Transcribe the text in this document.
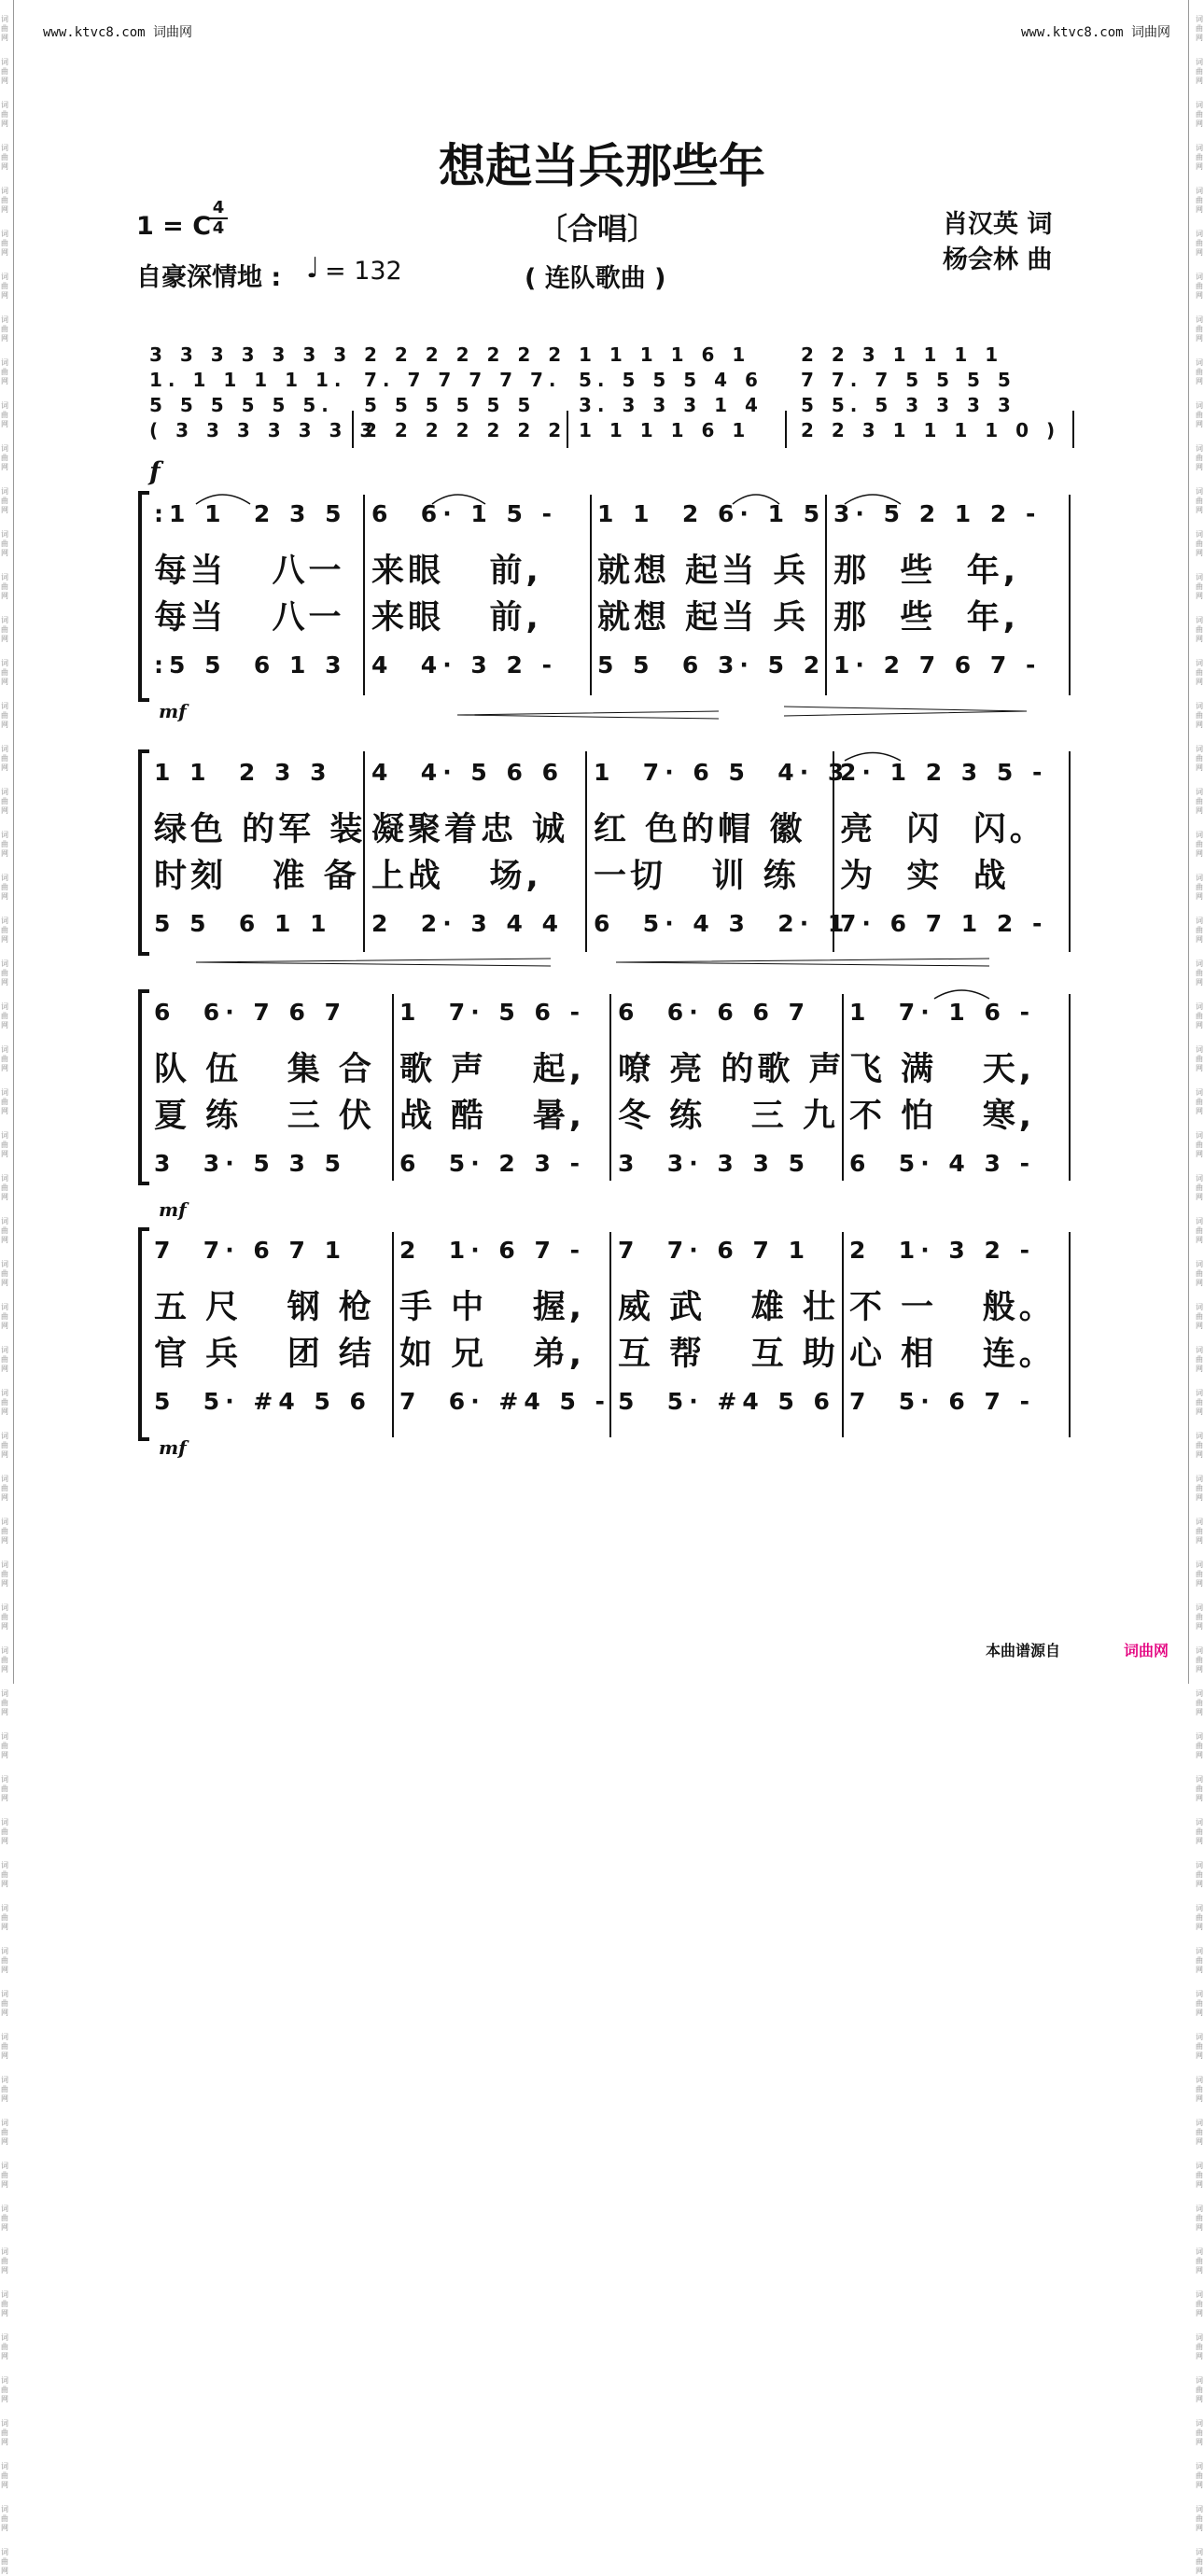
词曲网
词曲网
词曲网
词曲网
词曲网
词曲网
词曲网
词曲网
词曲网
词曲网
词曲网
词曲网
词曲网
词曲网
词曲网
词曲网
词曲网
词曲网
词曲网
词曲网
词曲网
词曲网
词曲网
词曲网
词曲网
词曲网
词曲网
词曲网
词曲网
词曲网
词曲网
词曲网
词曲网
词曲网
词曲网
词曲网
词曲网
词曲网
词曲网
词曲网
词曲网
词曲网
词曲网
词曲网
词曲网
词曲网
词曲网
词曲网
词曲网
词曲网
词曲网
词曲网
词曲网
词曲网
词曲网
词曲网
词曲网
词曲网
词曲网
词曲网
词曲网
词曲网
词曲网
词曲网
词曲网
词曲网
词曲网
词曲网
词曲网
词曲网
词曲网
词曲网
词曲网
词曲网
词曲网
词曲网
词曲网
词曲网
词曲网
词曲网
词曲网
词曲网
词曲网
词曲网
词曲网
词曲网
词曲网
词曲网
词曲网
词曲网
词曲网
词曲网
词曲网
词曲网
词曲网
词曲网
词曲网
词曲网
词曲网
词曲网
词曲网
词曲网
词曲网
词曲网
词曲网
词曲网
词曲网
词曲网
词曲网
词曲网
词曲网
词曲网
词曲网
词曲网
词曲网
词曲网
词曲网
词曲网
词曲网
词曲网
www.ktvc8.com 词曲网	www.ktvc8.com 词曲网
想起当兵那些年
1 = C
$\frac{4}{4}$	〔合唱〕
( 连队歌曲 )
自豪深情地 : ♩ = 132
肖汉英 词
杨会林 曲
f
3 3 3 3 3 3 3 2 2 2 2 2 2 2 1 1 1 1 6 1	2 2 3 1 1 1 1
1. 1 1 1 1 1. 7. 7 7 7 7 7. 5. 5 5 5 4 6 7 7. 7 5 5 5 5
5 5 5 5 5 5. 5 5 5 5 5 5 3. 3 3 3 1 4 5 5. 5 3 3 3 3
( 3 3 3 3 3 3 3
2 2 2 2 2 2 2 1 1 1 1 6 1	2 2 3 1 1 1 1 0 )
:1 1  2 3 5 6  6· 1 5 - 1 1  2 6· 1 5 3· 5 2 1 2 -
每当   八一 来眼   前, 就想 起当 兵 那  些  年,
每当   八一 来眼   前, 就想 起当 兵 那  些  年,
:5 5  6 1 3 4  4· 3 2 - 5 5  6 3· 5 2 1· 2 7 6 7 -
mf
1 1  2 3 3 4  4· 5 6 6 1  7· 6 5  4· 3
2· 1 2 3 5 -
绿色 的军 装 凝聚着忠 诚 红 色的帽 徽 亮  闪  闪。
时刻   准 备 上战   场, 一切   训 练 为  实  战
5 5  6 1 1 2  2· 3 4 4 6  5· 4 3  2· 1
7· 6 7 1 2 -
6  6· 7 6 7 1  7· 5 6 - 6  6· 6 6 7 1  7· 1 6 -
队 伍   集 合 歌 声   起, 嘹 亮 的歌 声 飞 满   天,
夏 练   三 伏 战 酷   暑, 冬 练   三 九 不 怕   寒,
3  3· 5 3 5 6  5· 2 3 - 3  3· 3 3 5 6  5· 4 3 -
mf
7  7· 6 7 1 2  1· 6 7 - 7  7· 6 7 1 2  1· 3 2 -
五 尺   钢 枪 手 中   握, 威 武   雄 壮 不 一   般。
官 兵   团 结 如 兄   弟, 互 帮   互 助 心 相   连。
5  5· #4 5 6 7  6· #4 5 - 5  5· #4 5 6 7  5· 6 7 -
mf
本曲谱源自	词曲网
